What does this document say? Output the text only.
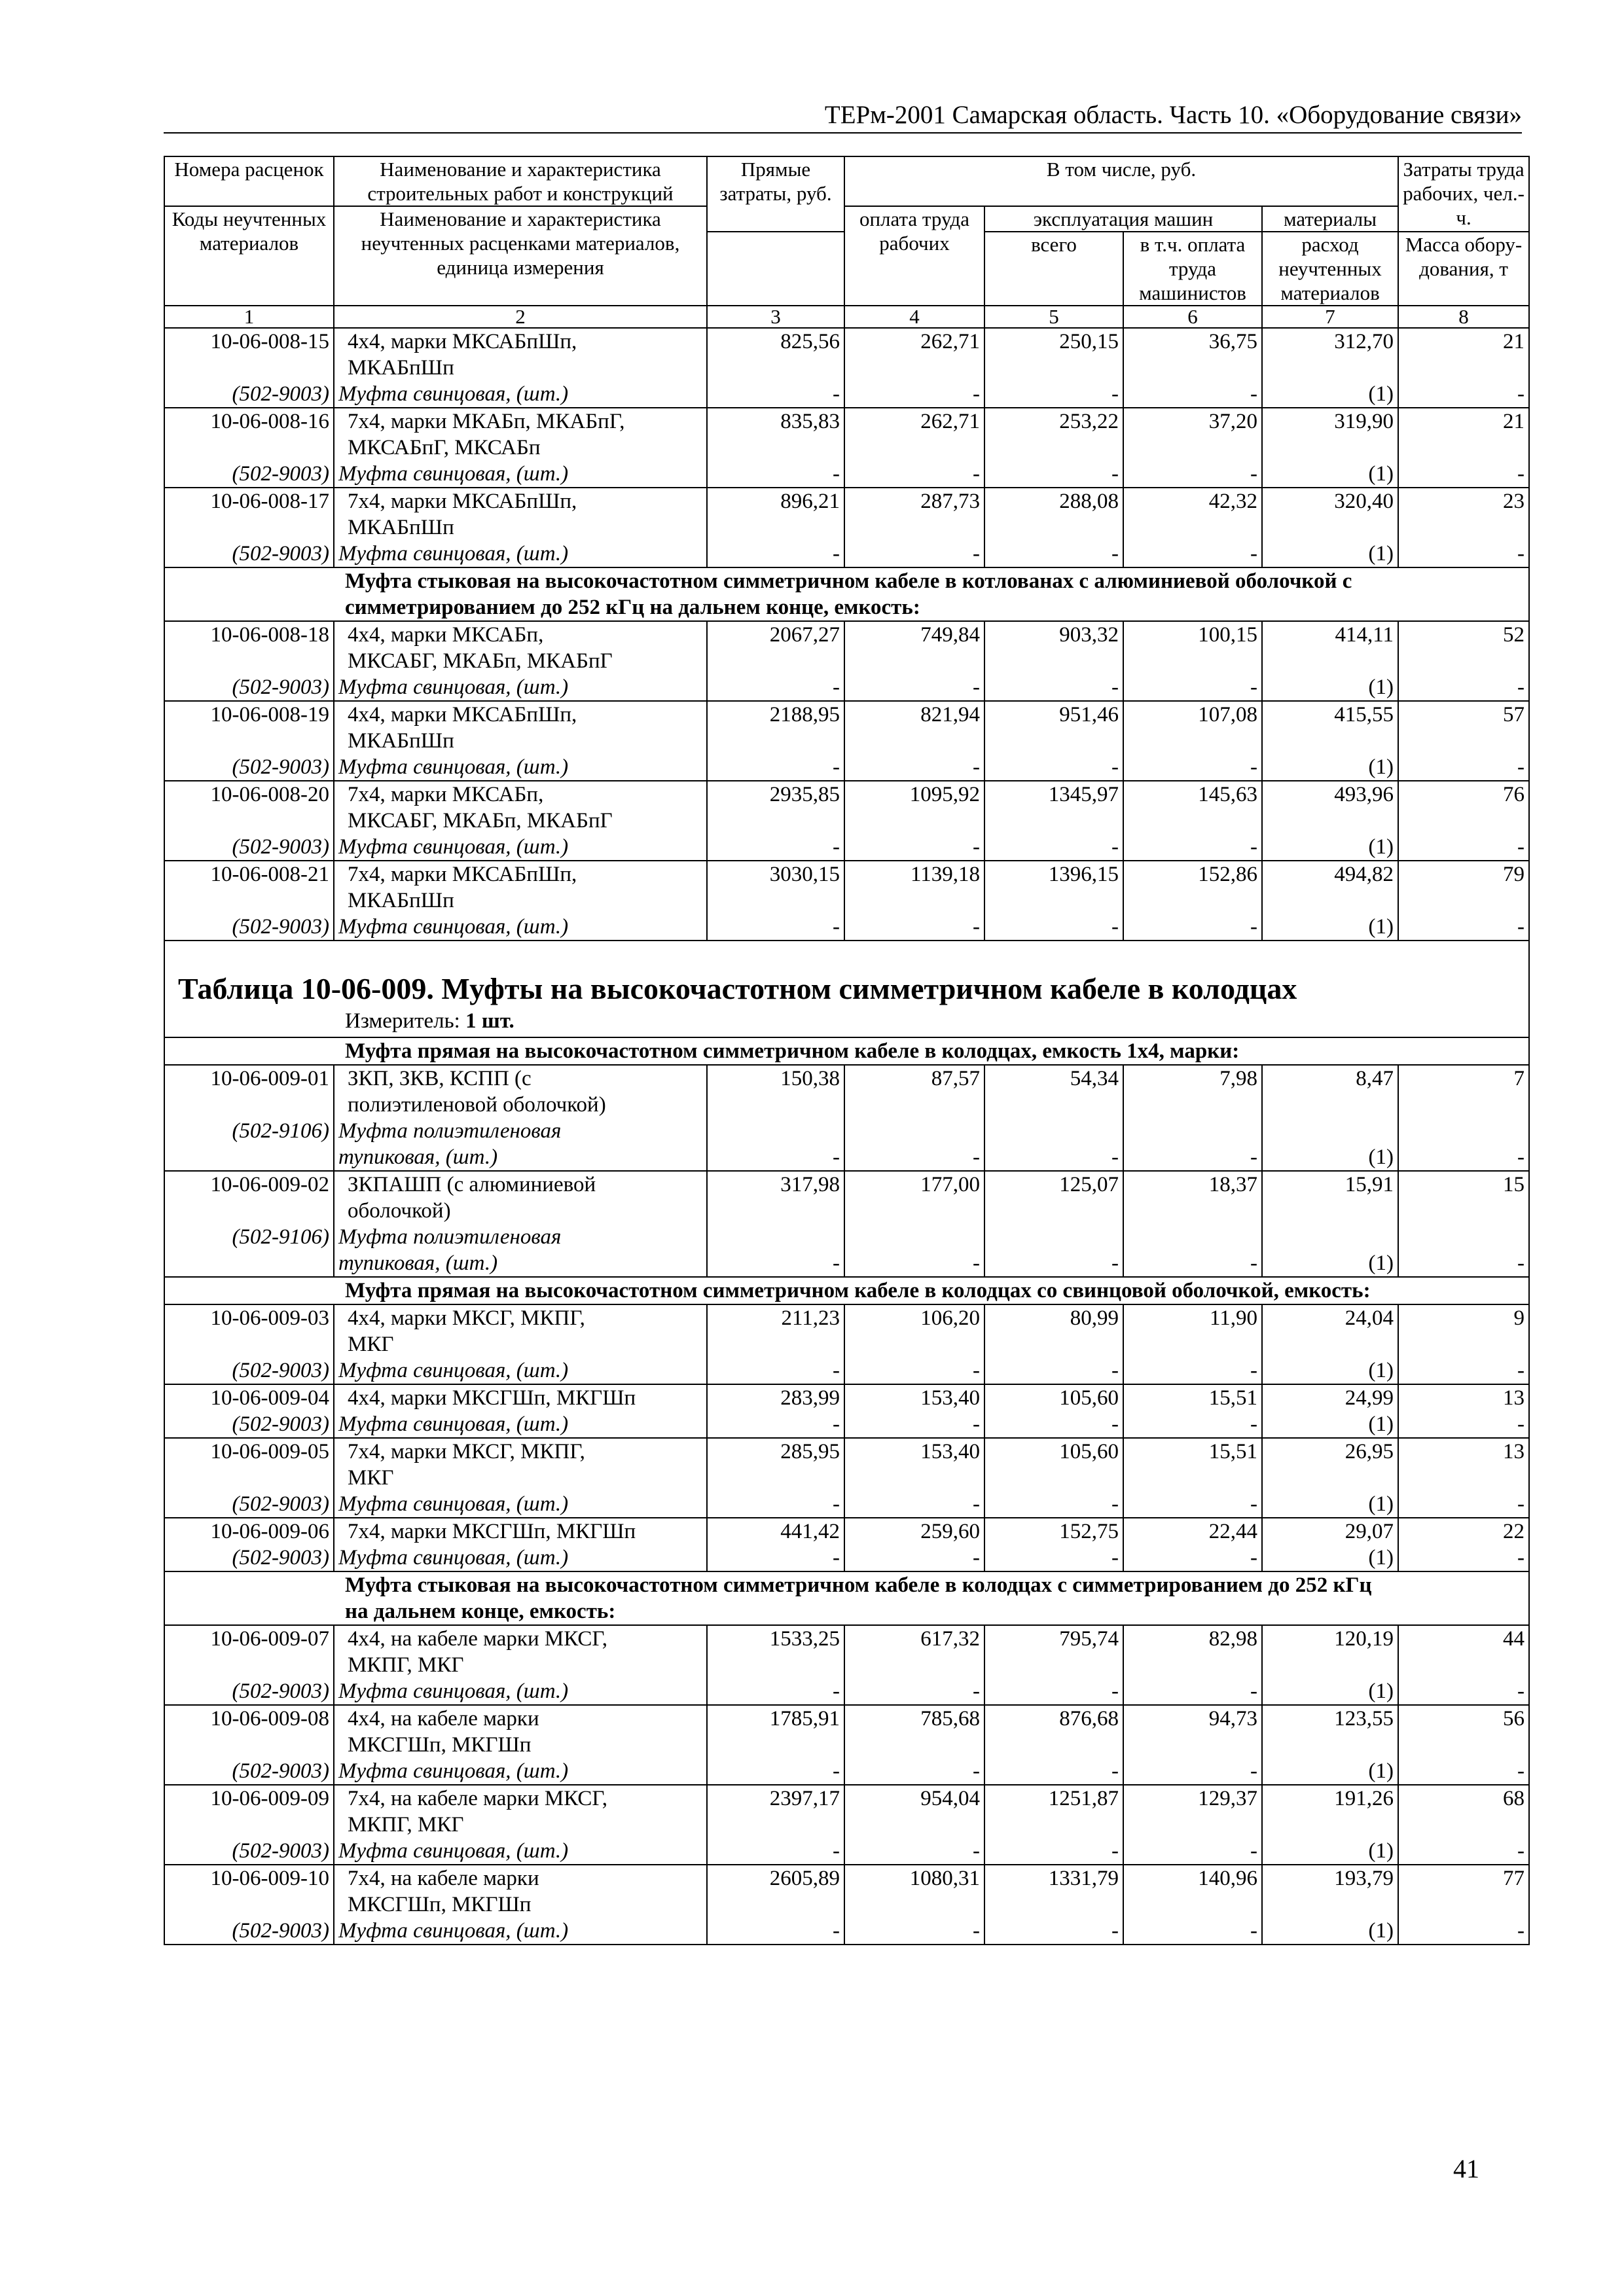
ТЕРм-2001 Самарская область. Часть 10. «Оборудование связи»
Номера расценок	Наименование и характеристика строительных работ и конструкций	Прямые затраты, руб.	В том числе, руб.				Затраты труда рабочих, чел.-ч.
Коды неучтенных материалов	Наименование и характеристика неучтенных расценками материалов, единица измерения		оплата труда рабочих	эксплуатация машин		материалы	
				всего	в т.ч. оплата труда машинистов	расход неучтенных материалов	
							Масса обору-дования, т
1	2	3	4	5	6	7	8
10-06-008-15	4х4, марки МКСАБпШп,
МКАБпШп	825,56	262,71	250,15	36,75	312,70	21
(502-9003)	Муфта свинцовая, (шт.)	-	-	-	-	(1)	-
10-06-008-16	7х4, марки МКАБп, МКАБпГ,
МКСАБпГ, МКСАБп	835,83	262,71	253,22	37,20	319,90	21
(502-9003)	Муфта свинцовая, (шт.)	-	-	-	-	(1)	-
10-06-008-17	7х4, марки МКСАБпШп,
МКАБпШп	896,21	287,73	288,08	42,32	320,40	23
(502-9003)	Муфта свинцовая, (шт.)	-	-	-	-	(1)	-

Муфта стыковая на высокочастотном симметричном кабеле в котлованах с алюминиевой оболочкой с
симметрированием до 252 кГц на дальнем конце, емкость:							

10-06-008-18	4х4, марки МКСАБп,
МКСАБГ, МКАБп, МКАБпГ	2067,27	749,84	903,32	100,15	414,11	52
(502-9003)	Муфта свинцовая, (шт.)	-	-	-	-	(1)	-
10-06-008-19	4х4, марки МКСАБпШп,
МКАБпШп	2188,95	821,94	951,46	107,08	415,55	57
(502-9003)	Муфта свинцовая, (шт.)	-	-	-	-	(1)	-
10-06-008-20	7х4, марки МКСАБп,
МКСАБГ, МКАБп, МКАБпГ	2935,85	1095,92	1345,97	145,63	493,96	76
(502-9003)	Муфта свинцовая, (шт.)	-	-	-	-	(1)	-
10-06-008-21	7х4, марки МКСАБпШп,
МКАБпШп	3030,15	1139,18	1396,15	152,86	494,82	79
(502-9003)	Муфта свинцовая, (шт.)	-	-	-	-	(1)	-
Таблица 10-06-009. Муфты на высокочастотном симметричном кабеле в колодцах							
Измеритель: 1 шт.							

Муфта прямая на высокочастотном симметричном кабеле в колодцах, емкость 1х4, марки:							

10-06-009-01	ЗКП, ЗКВ, КСПП (с
полиэтиленовой оболочкой)	150,38	87,57	54,34	7,98	8,47	7
(502-9106)	Муфта полиэтиленовая
тупиковая, (шт.)	-	-	-	-	(1)	-
10-06-009-02	ЗКПАШП (с алюминиевой
оболочкой)	317,98	177,00	125,07	18,37	15,91	15
(502-9106)	Муфта полиэтиленовая
тупиковая, (шт.)	-	-	-	-	(1)	-

Муфта прямая на высокочастотном симметричном кабеле в колодцах со свинцовой оболочкой, емкость:							

10-06-009-03	4х4, марки МКСГ, МКПГ,
МКГ	211,23	106,20	80,99	11,90	24,04	9
(502-9003)	Муфта свинцовая, (шт.)	-	-	-	-	(1)	-
10-06-009-04	4х4, марки МКСГШп, МКГШп	283,99	153,40	105,60	15,51	24,99	13
(502-9003)	Муфта свинцовая, (шт.)	-	-	-	-	(1)	-
10-06-009-05	7х4, марки МКСГ, МКПГ,
МКГ	285,95	153,40	105,60	15,51	26,95	13
(502-9003)	Муфта свинцовая, (шт.)	-	-	-	-	(1)	-
10-06-009-06	7х4, марки МКСГШп, МКГШп	441,42	259,60	152,75	22,44	29,07	22
(502-9003)	Муфта свинцовая, (шт.)	-	-	-	-	(1)	-

Муфта стыковая на высокочастотном симметричном кабеле в колодцах с симметрированием до 252 кГц
на дальнем конце, емкость:							

10-06-009-07	4х4, на кабеле марки МКСГ,
МКПГ, МКГ	1533,25	617,32	795,74	82,98	120,19	44
(502-9003)	Муфта свинцовая, (шт.)	-	-	-	-	(1)	-
10-06-009-08	4х4, на кабеле марки
МКСГШп, МКГШп	1785,91	785,68	876,68	94,73	123,55	56
(502-9003)	Муфта свинцовая, (шт.)	-	-	-	-	(1)	-
10-06-009-09	7х4, на кабеле марки МКСГ,
МКПГ, МКГ	2397,17	954,04	1251,87	129,37	191,26	68
(502-9003)	Муфта свинцовая, (шт.)	-	-	-	-	(1)	-
10-06-009-10	7х4, на кабеле марки
МКСГШп, МКГШп	2605,89	1080,31	1331,79	140,96	193,79	77
(502-9003)	Муфта свинцовая, (шт.)	-	-	-	-	(1)	-
41
